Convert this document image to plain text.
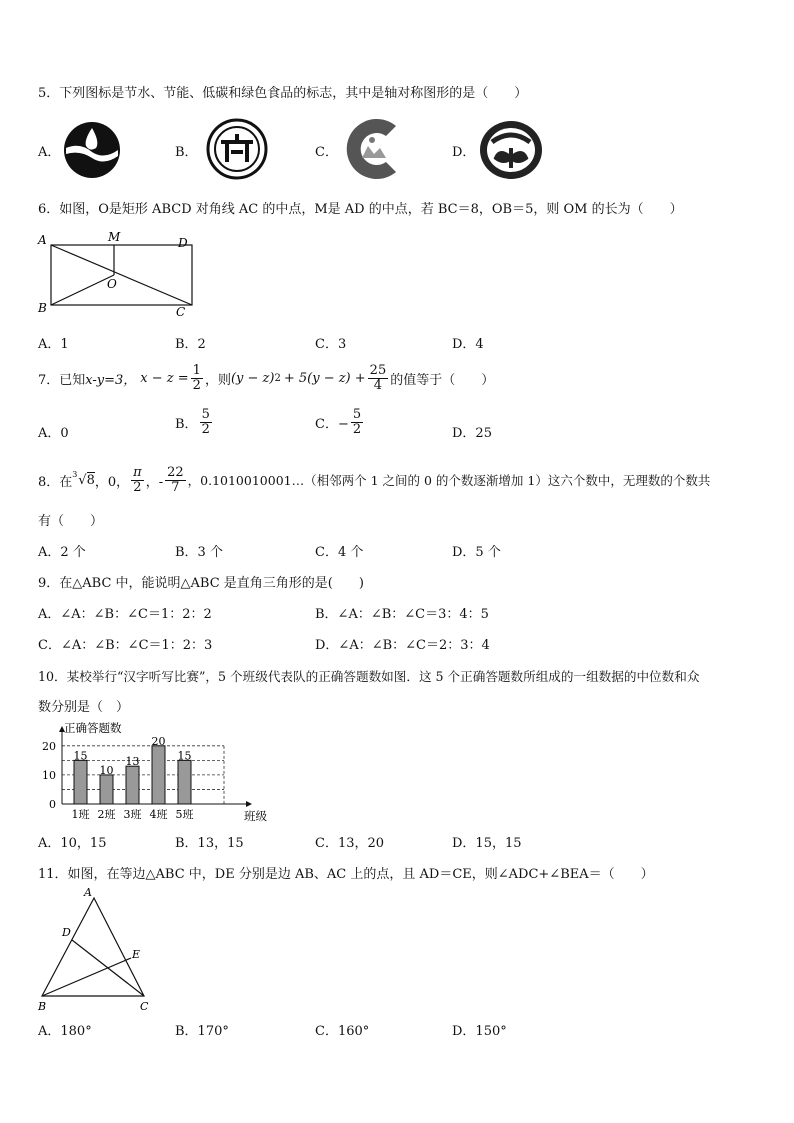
5．下列图标是节水、节能、低碳和绿色食品的标志，其中是轴对称图形的是（　　）
A．	B．	C．	D．
6．如图，O是矩形 ABCD 对角线 AC 的中点，M是 AD 的中点，若 BC＝8，OB＝5，则 OM 的长为（　　）
A	M	D
O
B	C
A．1	B．2	C．3	D．4
7．已知 x-y=3， $x - z = \frac{1}{2}$ ，则 (y − z) $2 + 5(y - z) + \frac{25}{4}$ 的值等于（　　）
A．0
B． $\frac{5}{2}$	C．− $\frac{5}{2}$	D．25
8．在
3 √8 ，0， $\frac{\pi}{2}$ ，- $\frac{22}{7}$ ，0.1010010001…（相邻两个 1 之间的 0 的个数逐渐增加 1）这六个数中，无理数的个数共
有（　　）
A．2 个	B．3 个	C．4 个	D．5 个
9．在△ABC 中，能说明△ABC 是直角三角形的是(　　)
A．∠A：∠B：∠C＝1：2：2	B．∠A：∠B：∠C＝3：4：5
C．∠A：∠B：∠C＝1：2：3	D．∠A：∠B：∠C＝2：3：4
10．某校举行“汉字听写比赛”，5 个班级代表队的正确答题数如图．这 5 个正确答题数所组成的一组数据的中位数和众
数分别是（　）
正确答题数
班级
0
10
20
15
1班
10
2班
13
3班
20
4班
15
5班
A．10，15	B．13，15	C．13，20	D．15，15
11．如图，在等边△ABC 中，DE 分别是边 AB、AC 上的点，且 AD＝CE，则∠ADC+∠BEA＝（　　）
A
D
E
B	C
A．180°	B．170°	C．160°	D．150°
